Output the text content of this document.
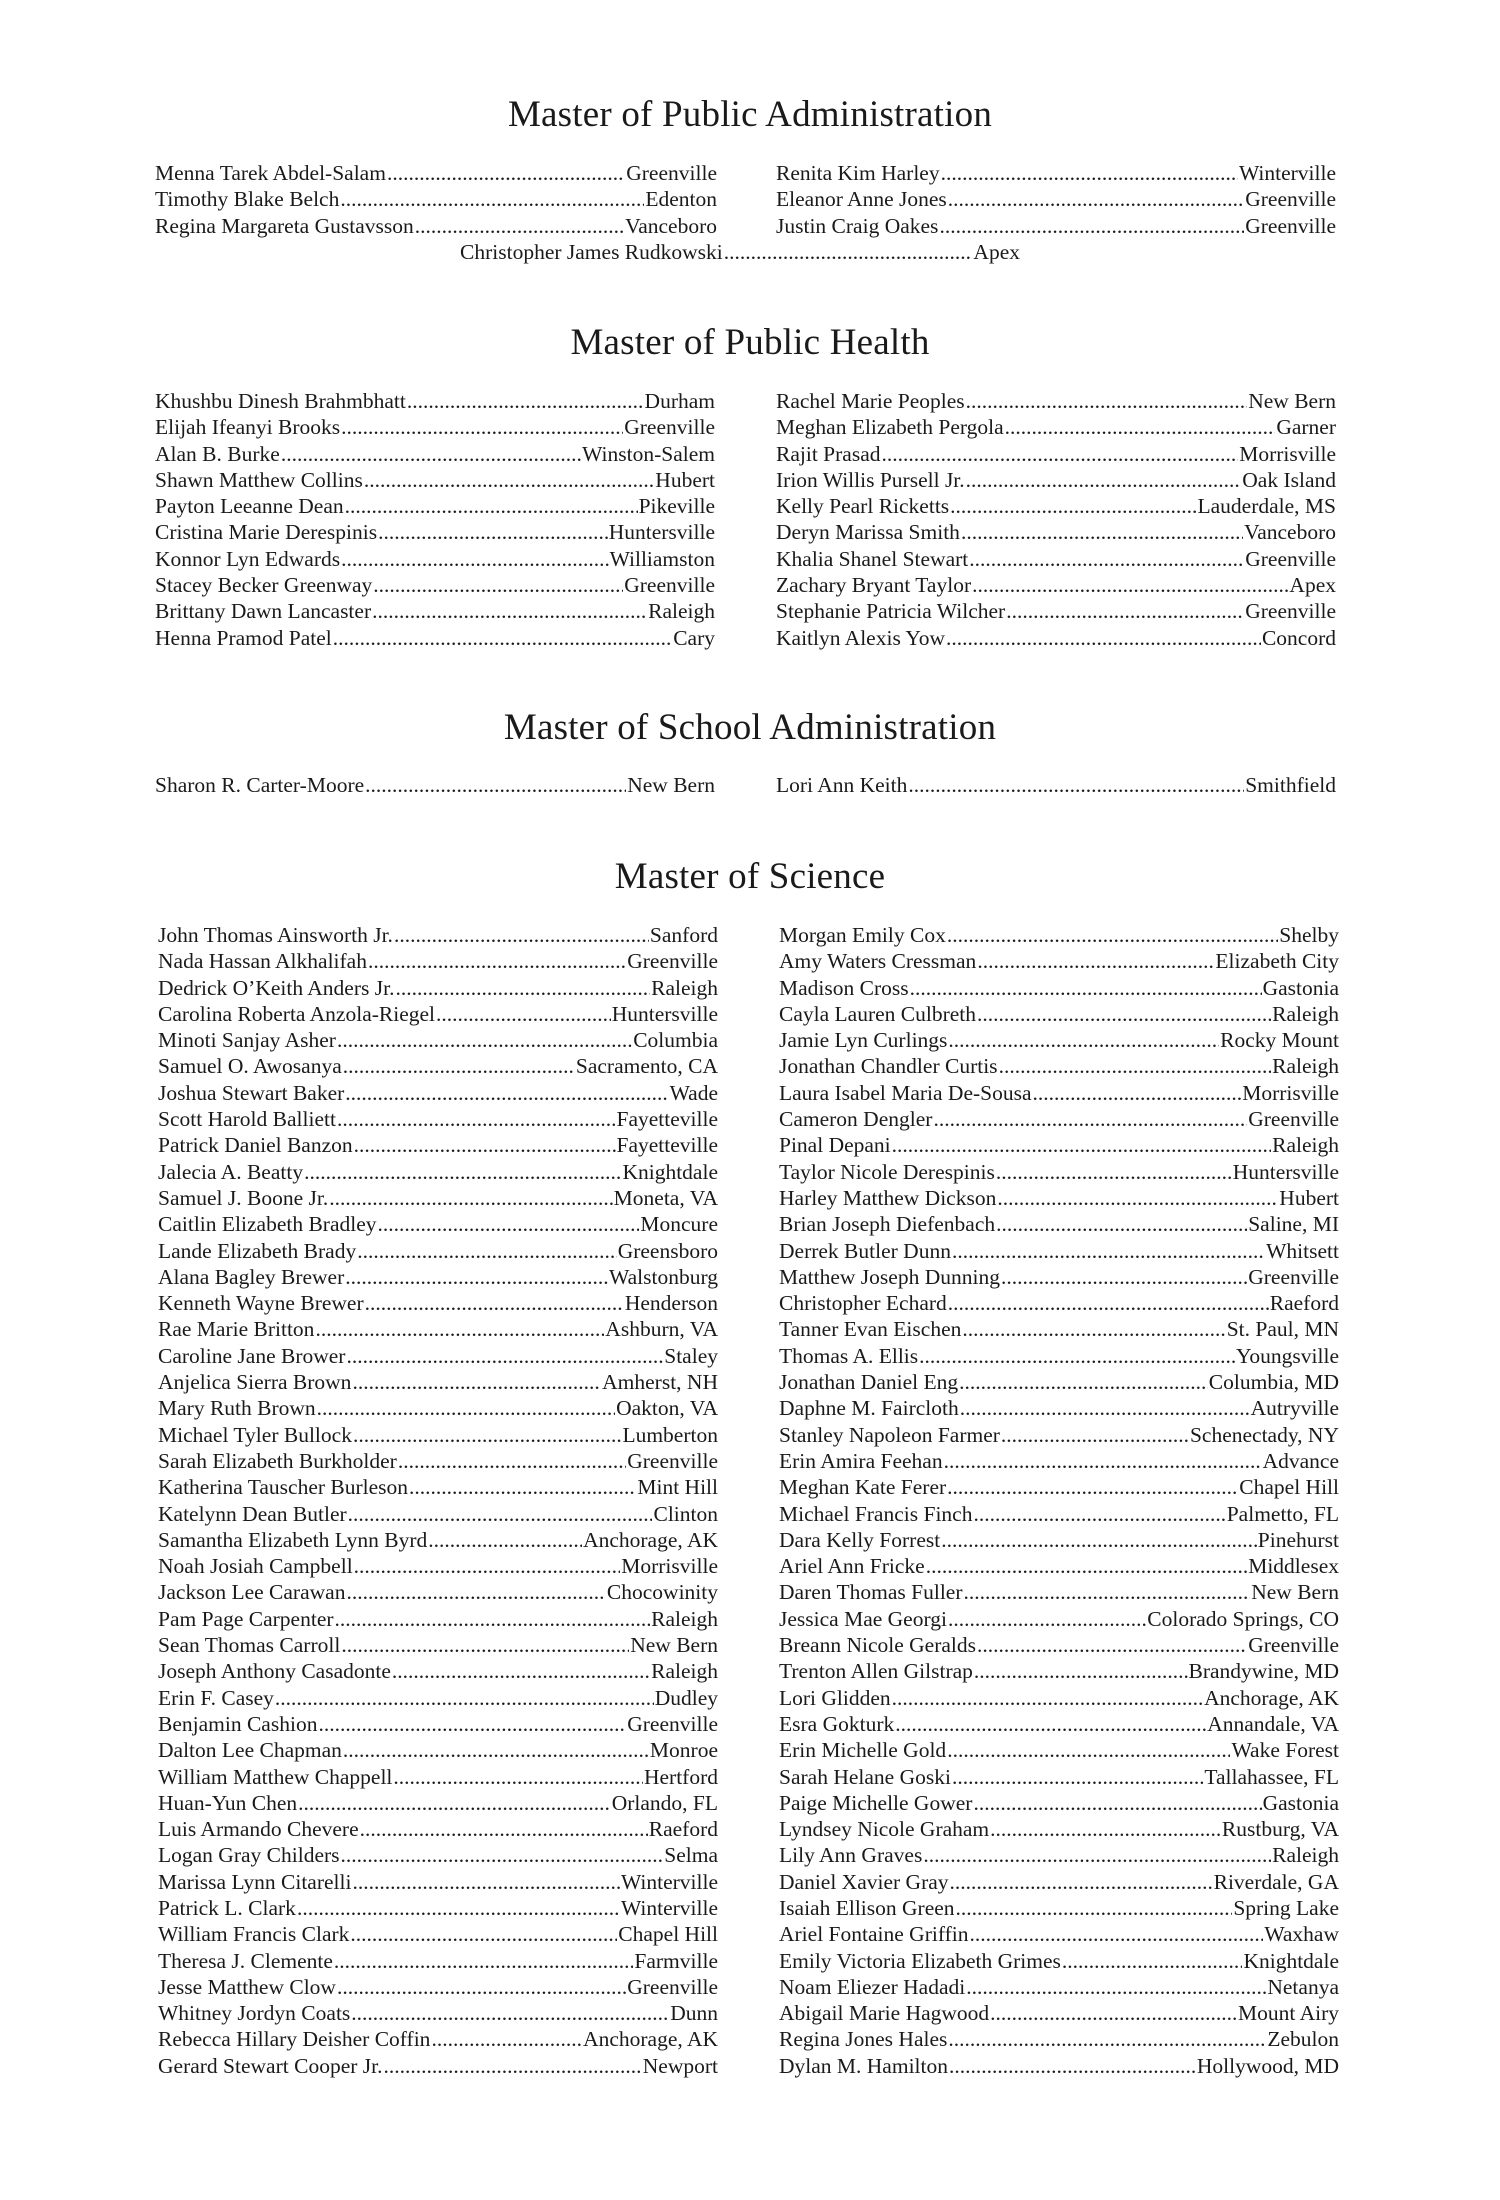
Master of Public Administration
Menna Tarek Abdel-Salam .....	Greenville
Timothy Blake Belch .....	Edenton
Regina Margareta Gustavsson .....	Vanceboro
Renita Kim Harley .....	Winterville
Eleanor Anne Jones .....	Greenville
Justin Craig Oakes .....	Greenville
Christopher James Rudkowski .....	Apex
Master of Public Health
Khushbu Dinesh Brahmbhatt .....	Durham
Elijah Ifeanyi Brooks .....	Greenville
Alan B. Burke .....	Winston-Salem
Shawn Matthew Collins .....	Hubert
Payton Leeanne Dean .....	Pikeville
Cristina Marie Derespinis .....	Huntersville
Konnor Lyn Edwards .....	Williamston
Stacey Becker Greenway .....	Greenville
Brittany Dawn Lancaster .....	Raleigh
Henna Pramod Patel .....	Cary
Rachel Marie Peoples .....	New Bern
Meghan Elizabeth Pergola .....	Garner
Rajit Prasad .....	Morrisville
Irion Willis Pursell Jr. .....	Oak Island
Kelly Pearl Ricketts .....	Lauderdale, MS
Deryn Marissa Smith .....	Vanceboro
Khalia Shanel Stewart .....	Greenville
Zachary Bryant Taylor .....	Apex
Stephanie Patricia Wilcher .....	Greenville
Kaitlyn Alexis Yow .....	Concord
Master of School Administration
Sharon R. Carter-Moore .....	New Bern	Lori Ann Keith .....	Smithfield
Master of Science
John Thomas Ainsworth Jr. .....	Sanford
Nada Hassan Alkhalifah .....	Greenville
Dedrick O’Keith Anders Jr. .....	Raleigh
Carolina Roberta Anzola-Riegel .....	Huntersville
Minoti Sanjay Asher .....	Columbia
Samuel O. Awosanya .....	Sacramento, CA
Joshua Stewart Baker .....	Wade
Scott Harold Balliett .....	Fayetteville
Patrick Daniel Banzon .....	Fayetteville
Jalecia A. Beatty .....	Knightdale
Samuel J. Boone Jr. .....	Moneta, VA
Caitlin Elizabeth Bradley .....	Moncure
Lande Elizabeth Brady .....	Greensboro
Alana Bagley Brewer .....	Walstonburg
Kenneth Wayne Brewer .....	Henderson
Rae Marie Britton .....	Ashburn, VA
Caroline Jane Brower .....	Staley
Anjelica Sierra Brown .....	Amherst, NH
Mary Ruth Brown .....	Oakton, VA
Michael Tyler Bullock .....	Lumberton
Sarah Elizabeth Burkholder .....	Greenville
Katherina Tauscher Burleson .....	Mint Hill
Katelynn Dean Butler .....	Clinton
Samantha Elizabeth Lynn Byrd .....	Anchorage, AK
Noah Josiah Campbell .....	Morrisville
Jackson Lee Carawan .....	Chocowinity
Pam Page Carpenter .....	Raleigh
Sean Thomas Carroll .....	New Bern
Joseph Anthony Casadonte .....	Raleigh
Erin F. Casey .....	Dudley
Benjamin Cashion .....	Greenville
Dalton Lee Chapman .....	Monroe
William Matthew Chappell .....	Hertford
Huan-Yun Chen .....	Orlando, FL
Luis Armando Chevere .....	Raeford
Logan Gray Childers .....	Selma
Marissa Lynn Citarelli .....	Winterville
Patrick L. Clark .....	Winterville
William Francis Clark .....	Chapel Hill
Theresa J. Clemente .....	Farmville
Jesse Matthew Clow .....	Greenville
Whitney Jordyn Coats .....	Dunn
Rebecca Hillary Deisher Coffin .....	Anchorage, AK
Gerard Stewart Cooper Jr. .....	Newport
Morgan Emily Cox .....	Shelby
Amy Waters Cressman .....	Elizabeth City
Madison Cross .....	Gastonia
Cayla Lauren Culbreth .....	Raleigh
Jamie Lyn Curlings .....	Rocky Mount
Jonathan Chandler Curtis .....	Raleigh
Laura Isabel Maria De-Sousa .....	Morrisville
Cameron Dengler .....	Greenville
Pinal Depani .....	Raleigh
Taylor Nicole Derespinis .....	Huntersville
Harley Matthew Dickson .....	Hubert
Brian Joseph Diefenbach .....	Saline, MI
Derrek Butler Dunn .....	Whitsett
Matthew Joseph Dunning .....	Greenville
Christopher Echard .....	Raeford
Tanner Evan Eischen .....	St. Paul, MN
Thomas A. Ellis .....	Youngsville
Jonathan Daniel Eng .....	Columbia, MD
Daphne M. Faircloth .....	Autryville
Stanley Napoleon Farmer .....	Schenectady, NY
Erin Amira Feehan .....	Advance
Meghan Kate Ferer .....	Chapel Hill
Michael Francis Finch .....	Palmetto, FL
Dara Kelly Forrest .....	Pinehurst
Ariel Ann Fricke .....	Middlesex
Daren Thomas Fuller .....	New Bern
Jessica Mae Georgi .....	Colorado Springs, CO
Breann Nicole Geralds .....	Greenville
Trenton Allen Gilstrap .....	Brandywine, MD
Lori Glidden .....	Anchorage, AK
Esra Gokturk .....	Annandale, VA
Erin Michelle Gold .....	Wake Forest
Sarah Helane Goski .....	Tallahassee, FL
Paige Michelle Gower .....	Gastonia
Lyndsey Nicole Graham .....	Rustburg, VA
Lily Ann Graves .....	Raleigh
Daniel Xavier Gray .....	Riverdale, GA
Isaiah Ellison Green .....	Spring Lake
Ariel Fontaine Griffin .....	Waxhaw
Emily Victoria Elizabeth Grimes .....	Knightdale
Noam Eliezer Hadadi .....	Netanya
Abigail Marie Hagwood .....	Mount Airy
Regina Jones Hales .....	Zebulon
Dylan M. Hamilton .....	Hollywood, MD
